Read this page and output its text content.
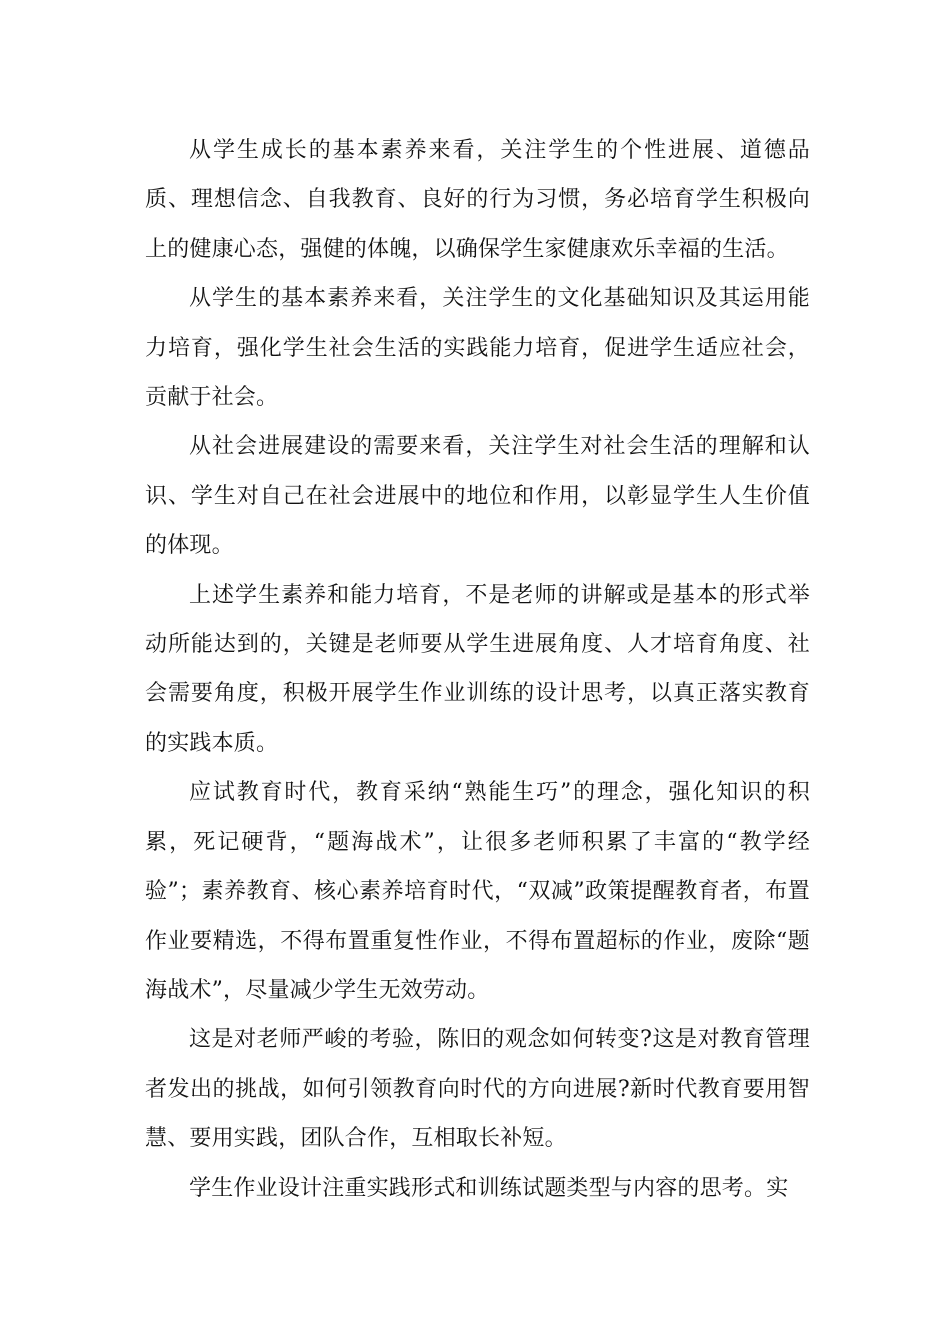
从学生成长的基本素养来看，关注学生的个性进展、道德品质、理想信念、自我教育、良好的行为习惯，务必培育学生积极向上的健康心态，强健的体魄，以确保学生家健康欢乐幸福的生活。

从学生的基本素养来看，关注学生的文化基础知识及其运用能力培育，强化学生社会生活的实践能力培育，促进学生适应社会，贡献于社会。

从社会进展建设的需要来看，关注学生对社会生活的理解和认识、学生对自己在社会进展中的地位和作用，以彰显学生人生价值的体现。

上述学生素养和能力培育，不是老师的讲解或是基本的形式举动所能达到的，关键是老师要从学生进展角度、人才培育角度、社会需要角度，积极开展学生作业训练的设计思考，以真正落实教育的实践本质。

应试教育时代，教育采纳“熟能生巧”的理念，强化知识的积累，死记硬背，“题海战术”，让很多老师积累了丰富的“教学经验”；素养教育、核心素养培育时代，“双减”政策提醒教育者，布置作业要精选，不得布置重复性作业，不得布置超标的作业，废除“题海战术”，尽量减少学生无效劳动。

这是对老师严峻的考验，陈旧的观念如何转变?这是对教育管理者发出的挑战，如何引领教育向时代的方向进展?新时代教育要用智慧、要用实践，团队合作，互相取长补短。

学生作业设计注重实践形式和训练试题类型与内容的思考。实
